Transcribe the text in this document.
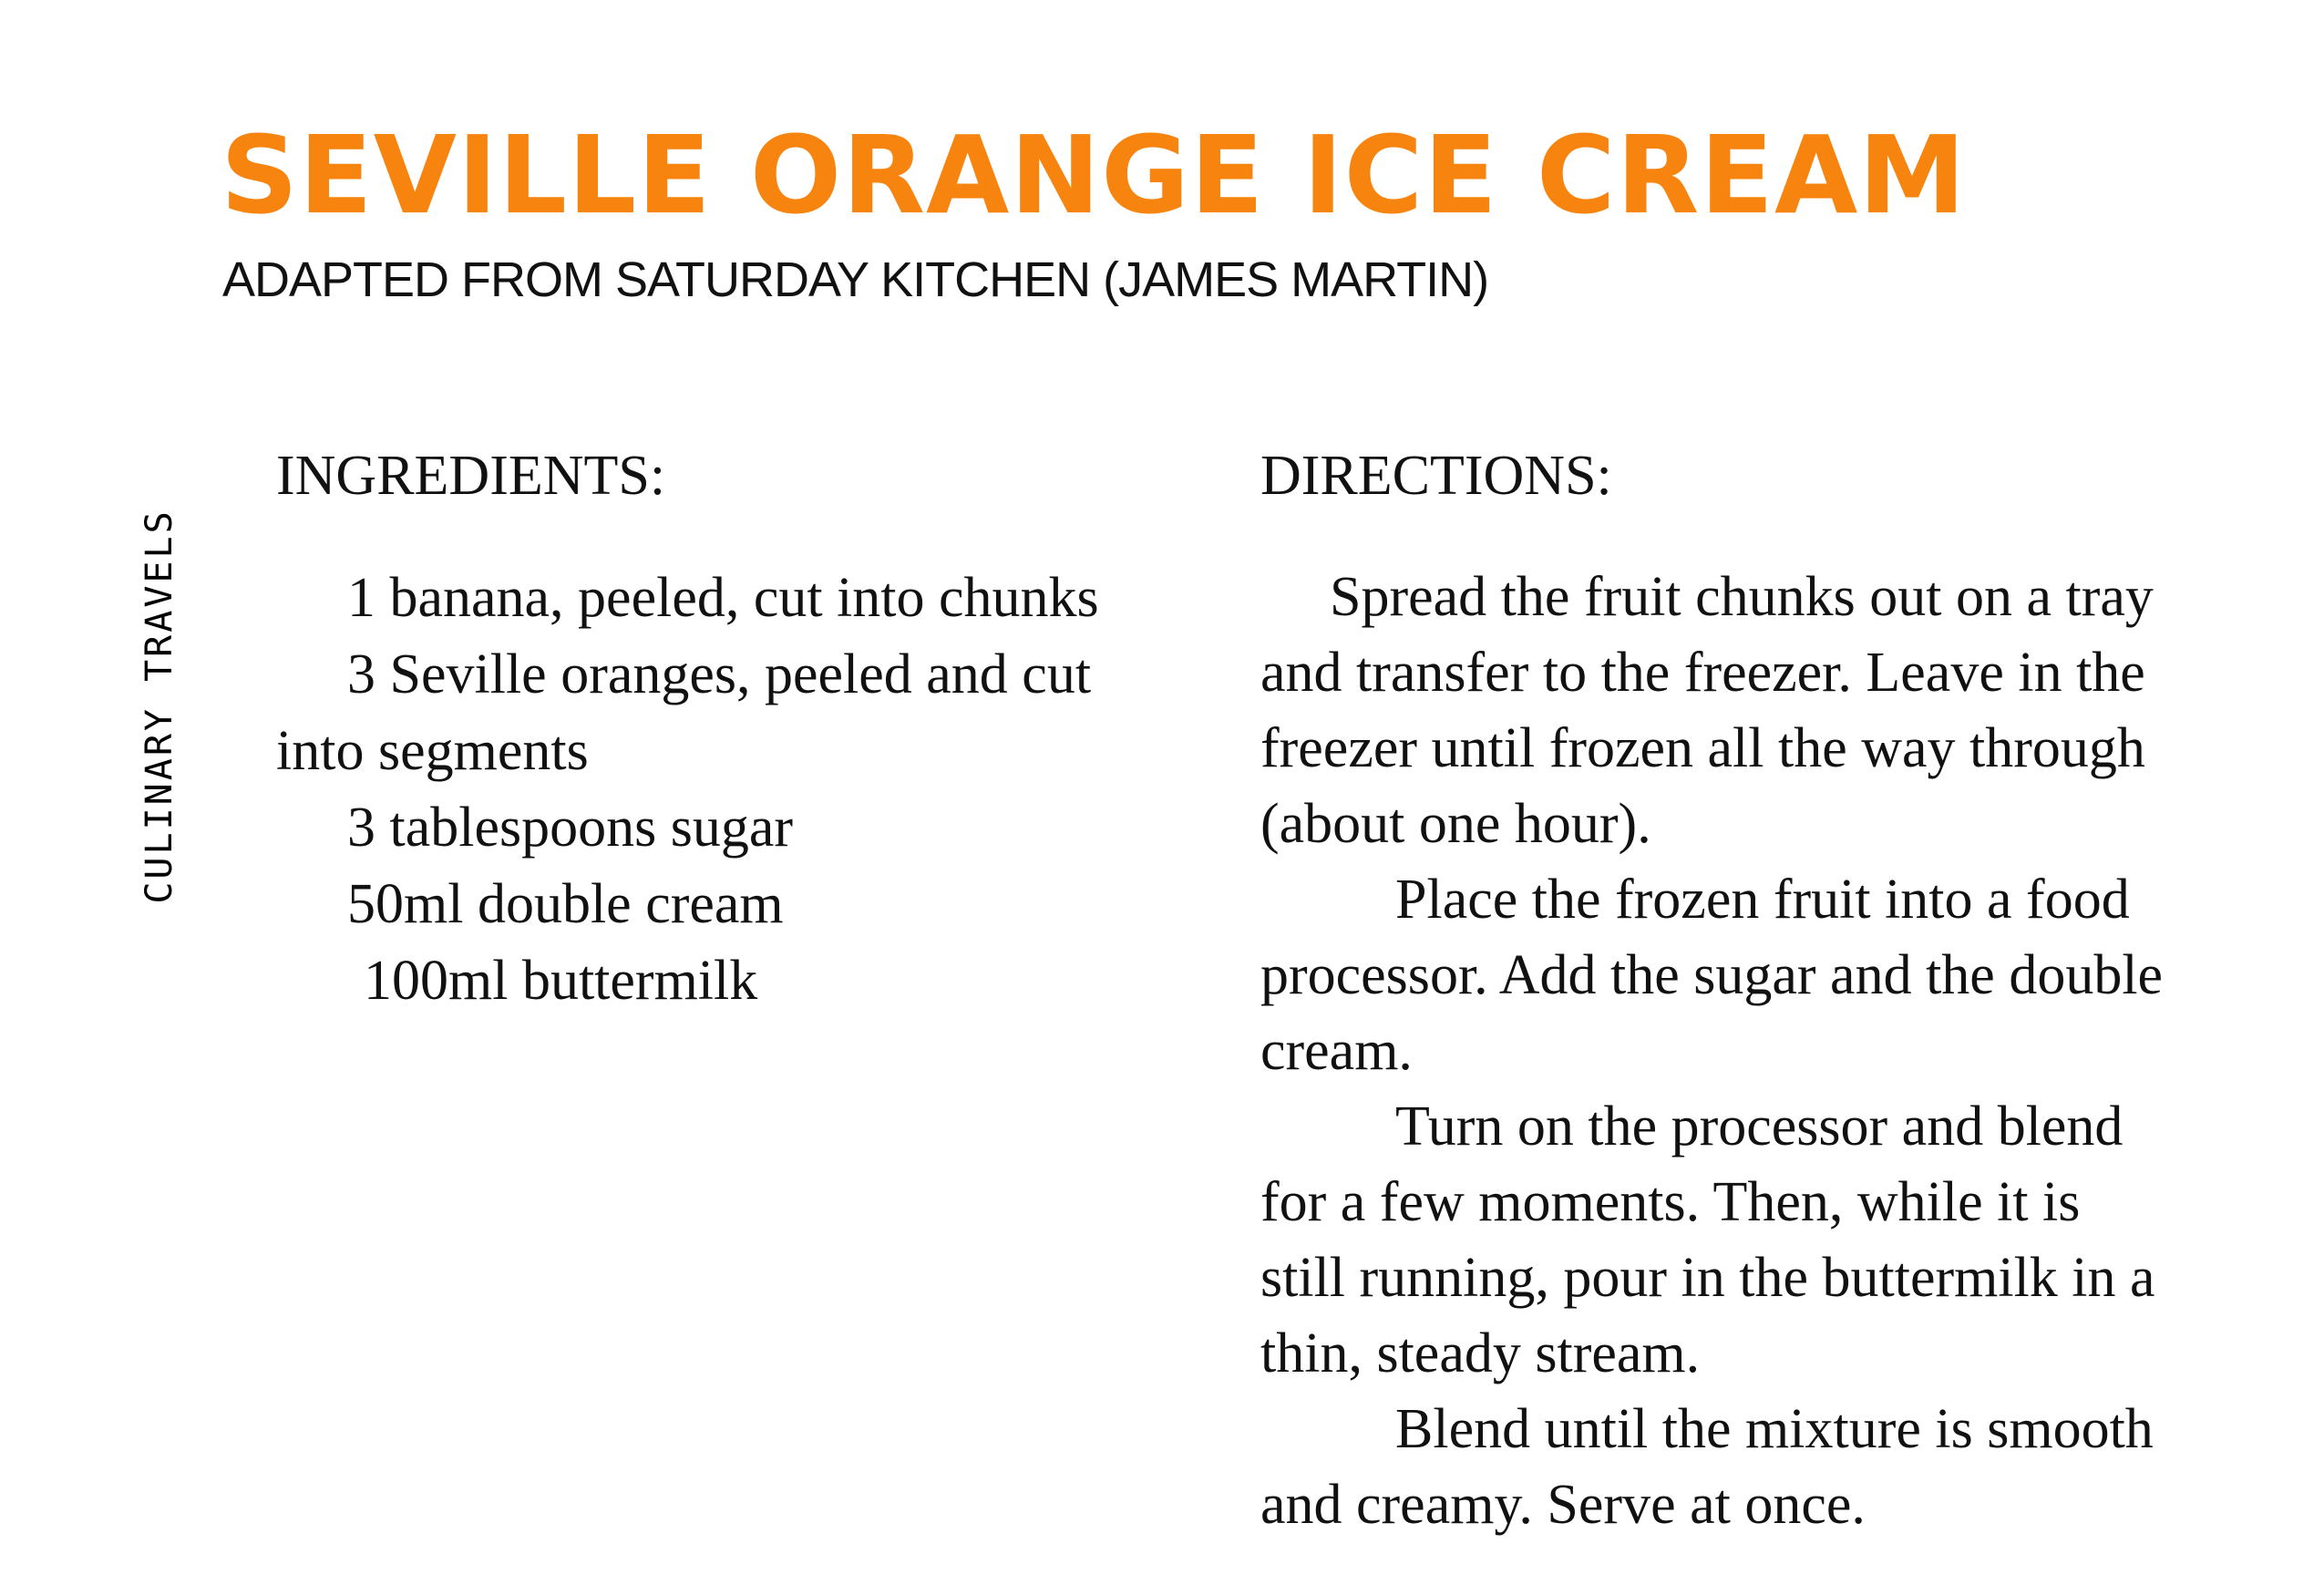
SEVILLE ORANGE ICE CREAM
ADAPTED FROM SATURDAY KITCHEN (JAMES MARTIN)
CULINARY TRAVELS
INGREDIENTS:

1 banana, peeled, cut into chunks

3 Seville oranges, peeled and cut into segments

3 tablespoons sugar

50ml double cream

100ml buttermilk

DIRECTIONS:

Spread the fruit chunks out on a tray and transfer to the freezer. Leave in the freezer until frozen all the way through (about one hour).

Place the frozen fruit into a food processor. Add the sugar and the double cream.

Turn on the processor and blend for a few moments. Then, while it is still running, pour in the buttermilk in a thin, steady stream.

Blend until the mixture is smooth and creamy. Serve at once.
